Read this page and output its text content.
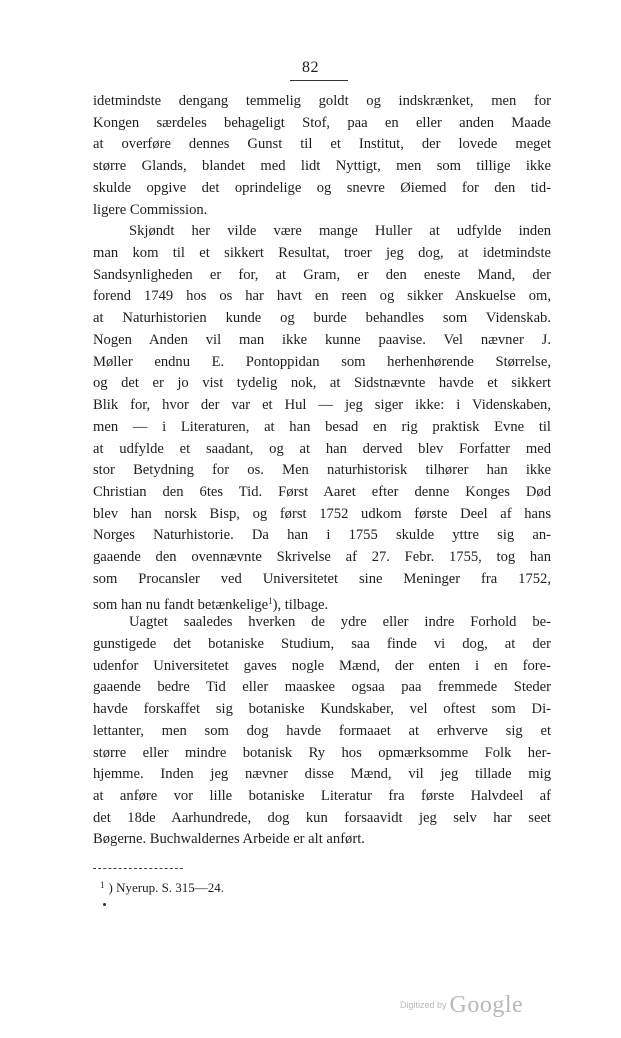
82
idetmindste dengang temmelig goldt og indskrænket, men for
Kongen særdeles behageligt Stof, paa en eller anden Maade
at overføre dennes Gunst til et Institut, der lovede meget
større Glands, blandet med lidt Nyttigt, men som tillige ikke
skulde opgive det oprindelige og snevre Øiemed for den tid-
ligere Commission.
Skjøndt her vilde være mange Huller at udfylde inden
man kom til et sikkert Resultat, troer jeg dog, at idetmindste
Sandsynligheden er for, at Gram, er den eneste Mand, der
forend 1749 hos os har havt en reen og sikker Anskuelse om,
at Naturhistorien kunde og burde behandles som Videnskab.
Nogen Anden vil man ikke kunne paavise. Vel nævner J.
Møller endnu E. Pontoppidan som herhenhørende Størrelse,
og det er jo vist tydelig nok, at Sidstnævnte havde et sikkert
Blik for, hvor der var et Hul — jeg siger ikke: i Videnskaben,
men — i Literaturen, at han besad en rig praktisk Evne til
at udfylde et saadant, og at han derved blev Forfatter med
stor Betydning for os. Men naturhistorisk tilhører han ikke
Christian den 6tes Tid. Først Aaret efter denne Konges Død
blev han norsk Bisp, og først 1752 udkom første Deel af hans
Norges Naturhistorie. Da han i 1755 skulde yttre sig an-
gaaende den ovennævnte Skrivelse af 27. Febr. 1755, tog han
som Procansler ved Universitetet sine Meninger fra 1752,
som han nu fandt betænkelige$^1$), tilbage.
Uagtet saaledes hverken de ydre eller indre Forhold be-
gunstigede det botaniske Studium, saa finde vi dog, at der
udenfor Universitetet gaves nogle Mænd, der enten i en fore-
gaaende bedre Tid eller maaskee ogsaa paa fremmede Steder
havde forskaffet sig botaniske Kundskaber, vel oftest som Di-
lettanter, men som dog havde formaaet at erhverve sig et
større eller mindre botanisk Ry hos opmærksomme Folk her-
hjemme. Inden jeg nævner disse Mænd, vil jeg tillade mig
at anføre vor lille botaniske Literatur fra første Halvdeel af
det 18de Aarhundrede, dog kun forsaavidt jeg selv har seet
Bøgerne. Buchwaldernes Arbeide er alt anført.
$^1$ ) Nyerup. S. 315—24.
$^{Digitized by}$ Google
